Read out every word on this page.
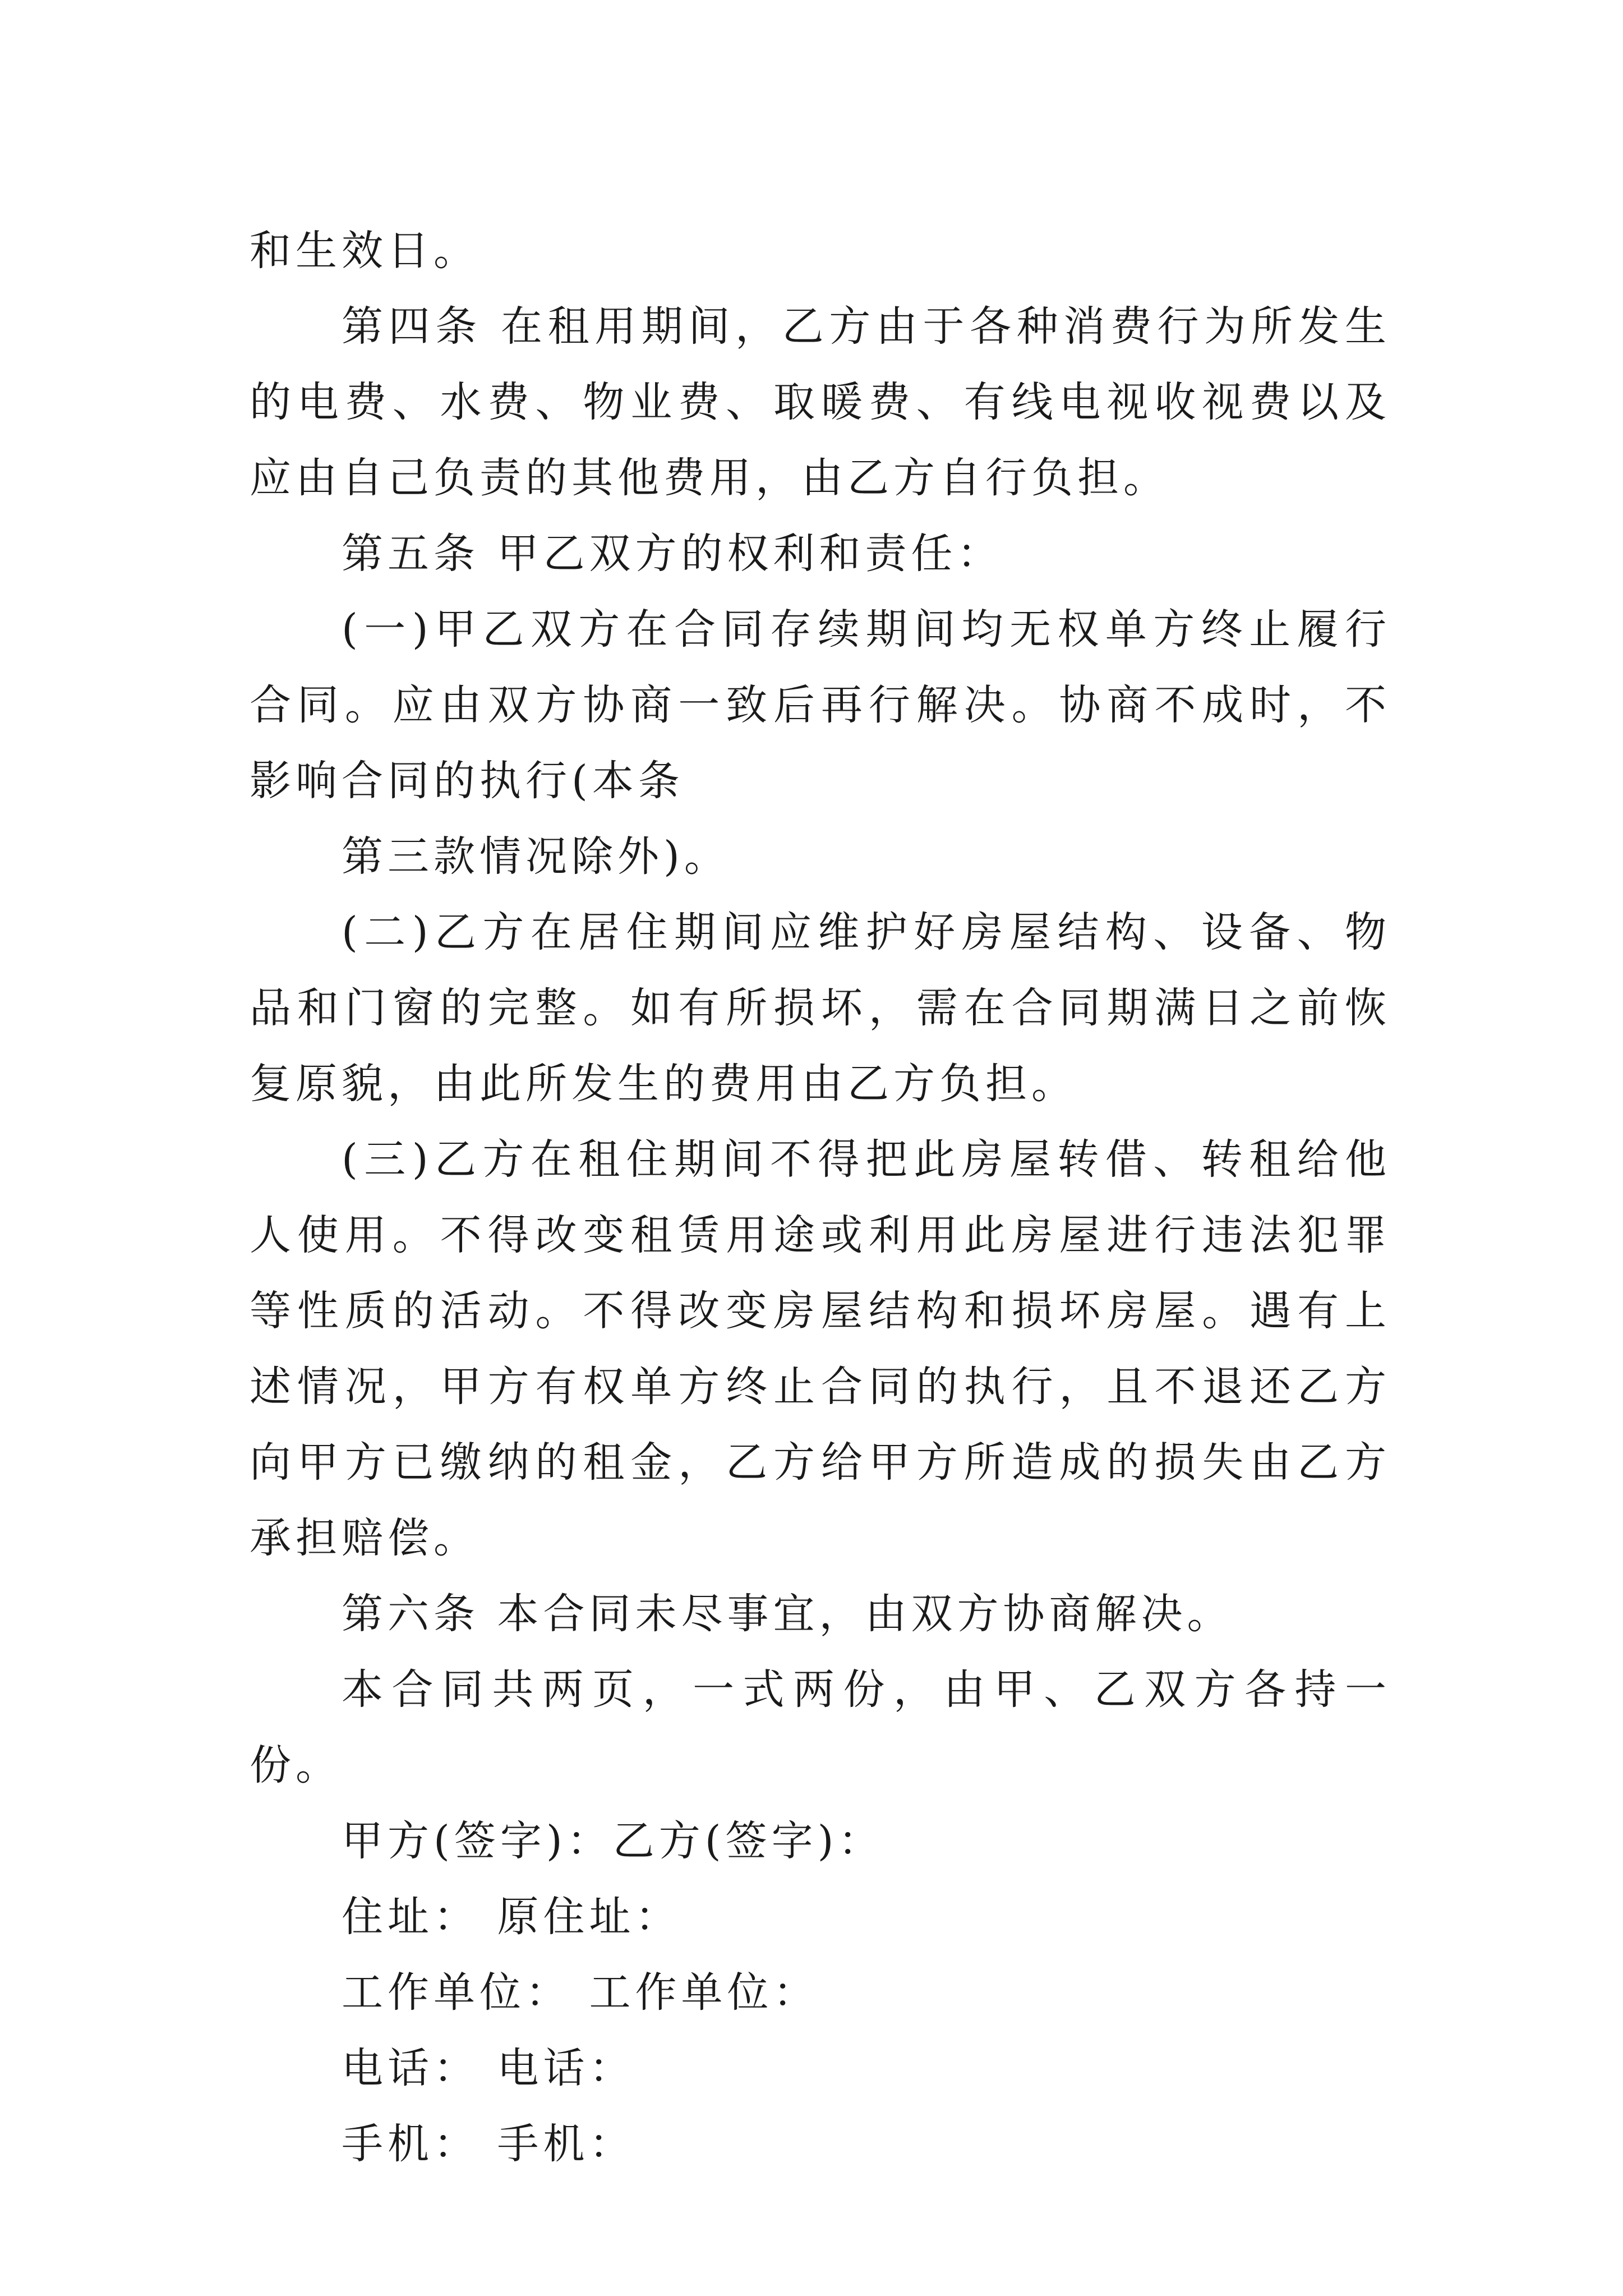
和生效日。

第四条 在租用期间，乙方由于各种消费行为所发生的电费、水费、物业费、取暖费、有线电视收视费以及应由自己负责的其他费用，由乙方自行负担。

第五条 甲乙双方的权利和责任：

(一)甲乙双方在合同存续期间均无权单方终止履行合同。应由双方协商一致后再行解决。协商不成时，不影响合同的执行(本条

第三款情况除外)。

(二)乙方在居住期间应维护好房屋结构、设备、物品和门窗的完整。如有所损坏，需在合同期满日之前恢复原貌，由此所发生的费用由乙方负担。

(三)乙方在租住期间不得把此房屋转借、转租给他人使用。不得改变租赁用途或利用此房屋进行违法犯罪等性质的活动。不得改变房屋结构和损坏房屋。遇有上述情况，甲方有权单方终止合同的执行，且不退还乙方向甲方已缴纳的租金，乙方给甲方所造成的损失由乙方承担赔偿。

第六条 本合同未尽事宜，由双方协商解决。

本合同共两页，一式两份，由甲、乙双方各持一份。

甲方(签字)：乙方(签字)：

住址： 原住址：

工作单位： 工作单位：

电话： 电话：

手机： 手机：
